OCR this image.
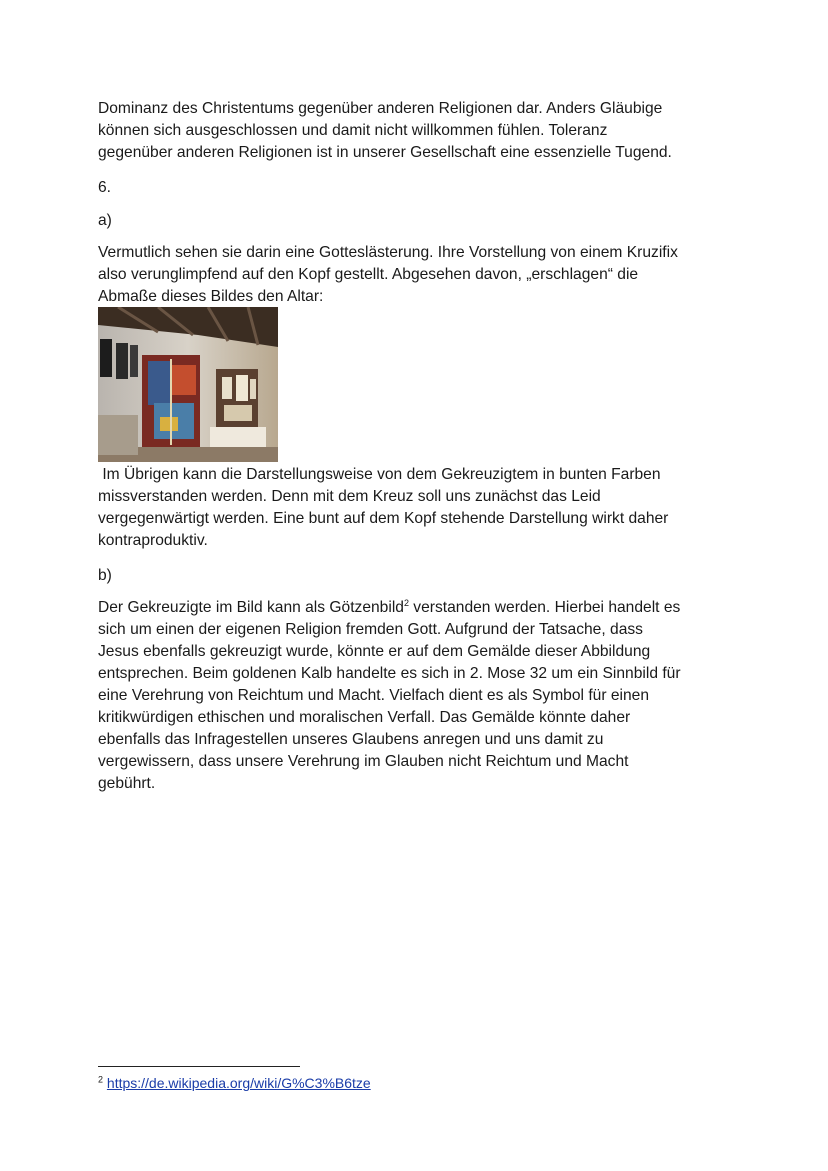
Dominanz des Christentums gegenüber anderen Religionen dar. Anders Gläubige
können sich ausgeschlossen und damit nicht willkommen fühlen. Toleranz
gegenüber anderen Religionen ist in unserer Gesellschaft eine essenzielle Tugend.

6.

a)

Vermutlich sehen sie darin eine Gotteslästerung. Ihre Vorstellung von einem Kruzifix
also verunglimpfend auf den Kopf gestellt. Abgesehen davon, „erschlagen“ die
Abmaße dieses Bildes den Altar:

Im Übrigen kann die Darstellungsweise von dem Gekreuzigtem in bunten Farben
missverstanden werden. Denn mit dem Kreuz soll uns zunächst das Leid
vergegenwärtigt werden. Eine bunt auf dem Kopf stehende Darstellung wirkt daher
kontraproduktiv.

b)

Der Gekreuzigte im Bild kann als Götzenbild$^2$ verstanden werden. Hierbei handelt es
sich um einen der eigenen Religion fremden Gott. Aufgrund der Tatsache, dass
Jesus ebenfalls gekreuzigt wurde, könnte er auf dem Gemälde dieser Abbildung
entsprechen. Beim goldenen Kalb handelte es sich in 2. Mose 32 um ein Sinnbild für
eine Verehrung von Reichtum und Macht. Vielfach dient es als Symbol für einen
kritikwürdigen ethischen und moralischen Verfall. Das Gemälde könnte daher
ebenfalls das Infragestellen unseres Glaubens anregen und uns damit zu
vergewissern, dass unsere Verehrung im Glauben nicht Reichtum und Macht
gebührt.

$^2$ https://de.wikipedia.org/wiki/G%C3%B6tze
